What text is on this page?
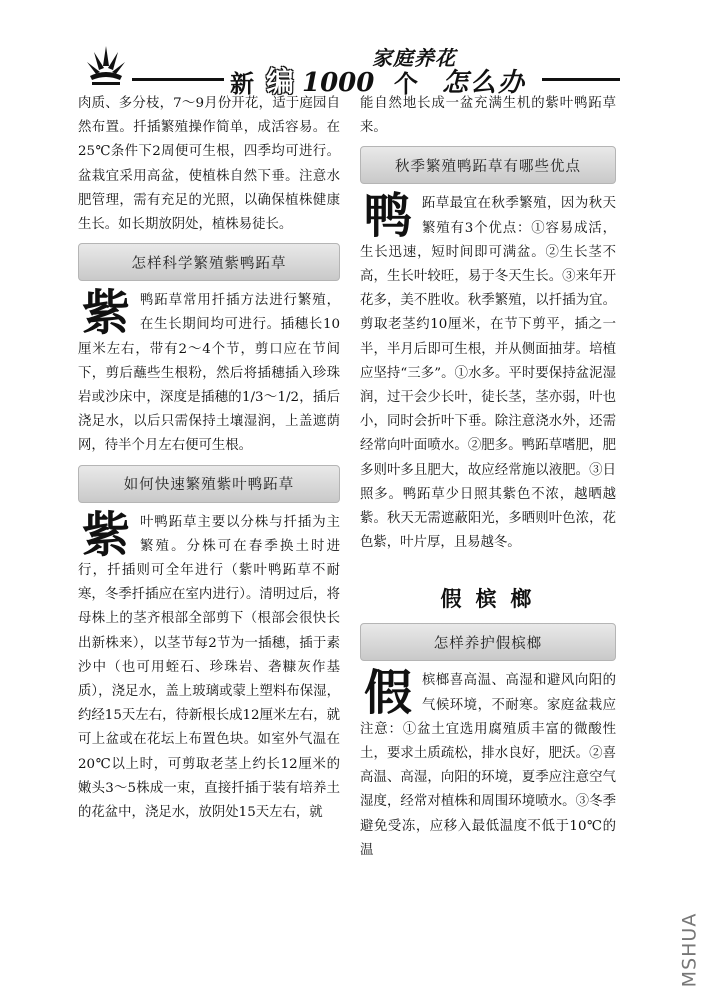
家庭养花
新 编 1000 个 怎么办

肉质、多分枝，7～9月份开花，适于庭园自然布置。扦插繁殖操作简单，成活容易。在25℃条件下2周便可生根，四季均可进行。盆栽宜采用高盆，使植株自然下垂。注意水肥管理，需有充足的光照，以确保植株健康生长。如长期放阴处，植株易徒长。

怎样科学繁殖紫鸭跖草
紫 鸭跖草常用扦插方法进行繁殖，在生长期间均可进行。插穗长10厘米左右，带有2～4个节，剪口应在节间下，剪后蘸些生根粉，然后将插穗插入珍珠岩或沙床中，深度是插穗的1/3～1/2，插后浇足水，以后只需保持土壤湿润，上盖遮荫网，待半个月左右便可生根。
如何快速繁殖紫叶鸭跖草
紫 叶鸭跖草主要以分株与扦插为主繁殖。分株可在春季换土时进行，扦插则可全年进行（紫叶鸭跖草不耐寒，冬季扦插应在室内进行）。清明过后，将母株上的茎齐根部全部剪下（根部会很快长出新株来），以茎节每2节为一插穗，插于素沙中（也可用蛭石、珍珠岩、砻糠灰作基质），浇足水，盖上玻璃或蒙上塑料布保湿，约经15天左右，待新根长成12厘米左右，就可上盆或在花坛上布置色块。如室外气温在20℃以上时，可剪取老茎上约长12厘米的嫩头3～5株成一束，直接扦插于装有培养土的花盆中，浇足水，放阴处15天左右，就

能自然地长成一盆充满生机的紫叶鸭跖草来。

秋季繁殖鸭跖草有哪些优点
鸭 跖草最宜在秋季繁殖，因为秋天繁殖有3个优点：①容易成活，生长迅速，短时间即可满盆。②生长茎不高，生长叶较旺，易于冬天生长。③来年开花多，美不胜收。秋季繁殖，以扦插为宜。剪取老茎约10厘米，在节下剪平，插之一半，半月后即可生根，并从侧面抽芽。培植应坚持“三多”。①水多。平时要保持盆泥湿润，过干会少长叶，徒长茎，茎亦弱，叶也小，同时会折叶下垂。除注意浇水外，还需经常向叶面喷水。②肥多。鸭跖草嗜肥，肥多则叶多且肥大，故应经常施以液肥。③日照多。鸭跖草少日照其紫色不浓，越晒越紫。秋天无需遮蔽阳光，多晒则叶色浓，花色紫，叶片厚，且易越冬。
假槟榔
怎样养护假槟榔
假 槟榔喜高温、高湿和避风向阳的气候环境，不耐寒。家庭盆栽应注意：①盆土宜选用腐殖质丰富的微酸性土，要求土质疏松，排水良好，肥沃。②喜高温、高湿，向阳的环境，夏季应注意空气湿度，经常对植株和周围环境喷水。③冬季避免受冻，应移入最低温度不低于10℃的温
MSHUA
